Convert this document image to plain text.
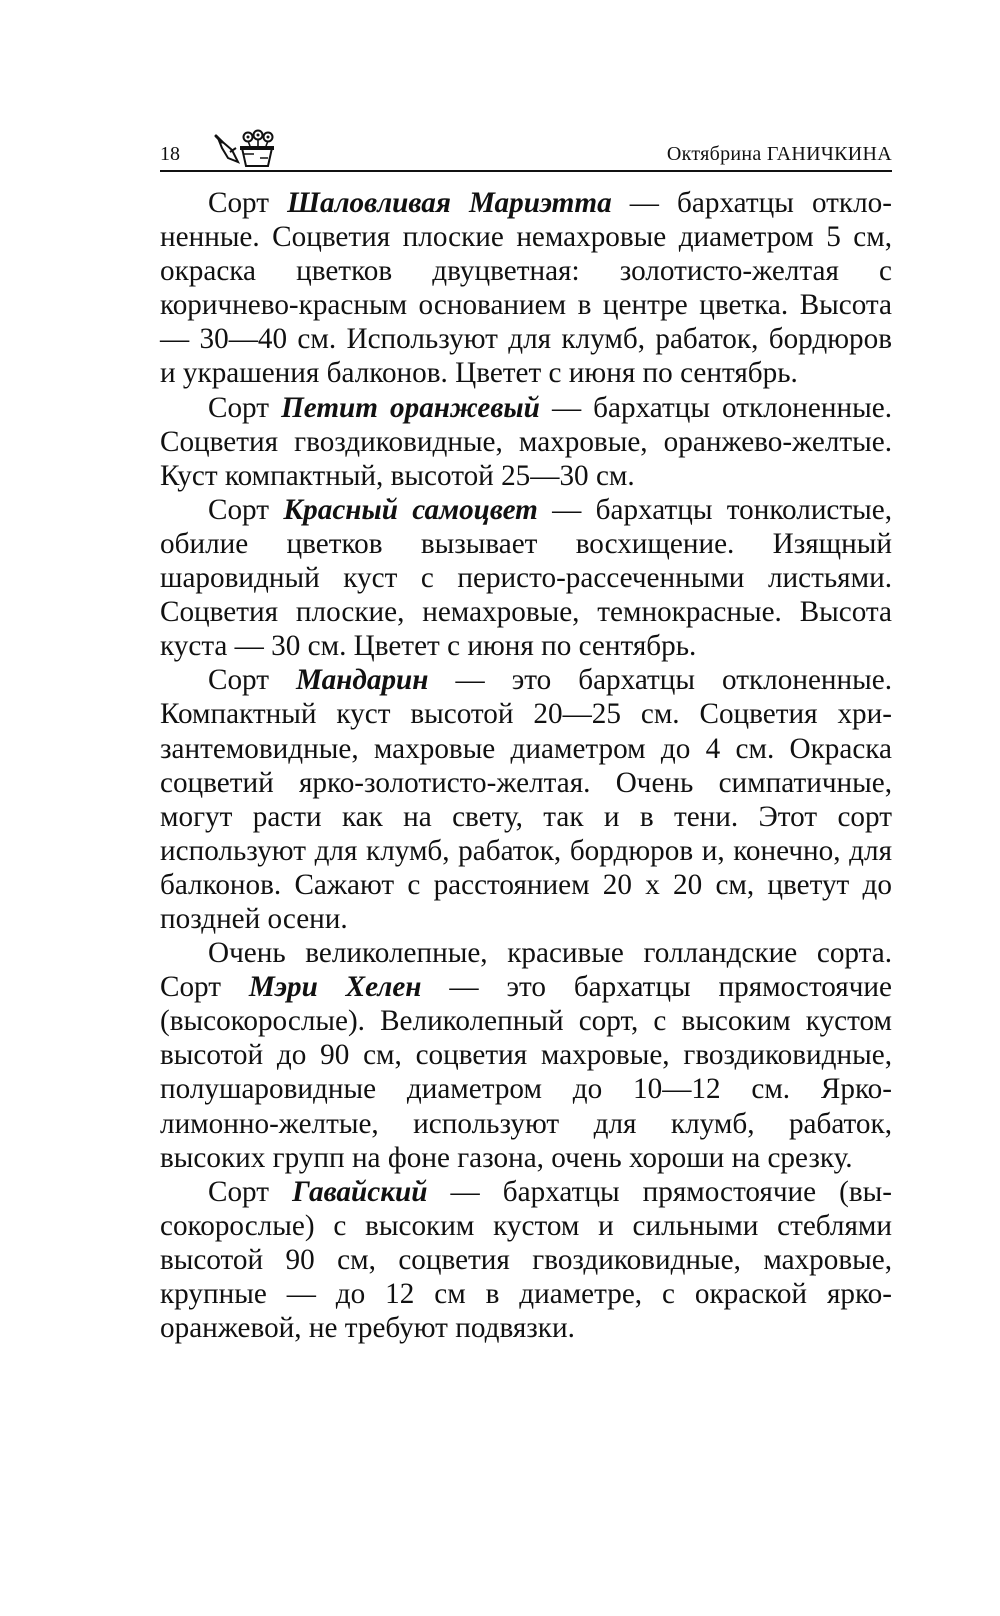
18	Октябрина ГАНИЧКИНА

Сорт Шаловливая Мариэтта — бархатцы отклоненные. Соцветия плоские немахровые диаметром 5 см, окраска цветков двуцветная: золотисто-желтая с коричнево-красным основанием в центре цветка. Высота — 30—40 см. Используют для клумб, рабаток, бордюров и украшения балконов. Цветет с июня по сентябрь.

Сорт Петит оранжевый — бархатцы отклоненные. Соцветия гвоздиковидные, махровые, оранжево-желтые. Куст компактный, высотой 25—30 см.

Сорт Красный самоцвет — бархатцы тонколистые, обилие цветков вызывает восхищение. Изящный шаровидный куст с перисто-рассеченными листьями. Соцветия плоские, немахровые, темнокрасные. Высота куста — 30 см. Цветет с июня по сентябрь.

Сорт Мандарин — это бархатцы отклоненные. Компактный куст высотой 20—25 см. Соцветия хризантемовидные, махровые диаметром до 4 см. Окраска соцветий ярко-золотисто-желтая. Очень симпатичные, могут расти как на свету, так и в тени. Этот сорт используют для клумб, рабаток, бордюров и, конечно, для балконов. Сажают с расстоянием 20 х 20 см, цветут до поздней осени.

Очень великолепные, красивые голландские сорта. Сорт Мэри Хелен — это бархатцы прямостоячие (высокорослые). Великолепный сорт, с высоким кустом высотой до 90 см, соцветия махровые, гвоздиковидные, полушаровидные диаметром до 10—12 см. Ярко-лимонно-желтые, используют для клумб, рабаток, высоких групп на фоне газона, очень хороши на срезку.

Сорт Гавайский — бархатцы прямостоячие (высокорослые) с высоким кустом и сильными стеблями высотой 90 см, соцветия гвоздиковидные, махровые, крупные — до 12 см в диаметре, с окраской ярко-оранжевой, не требуют подвязки.
